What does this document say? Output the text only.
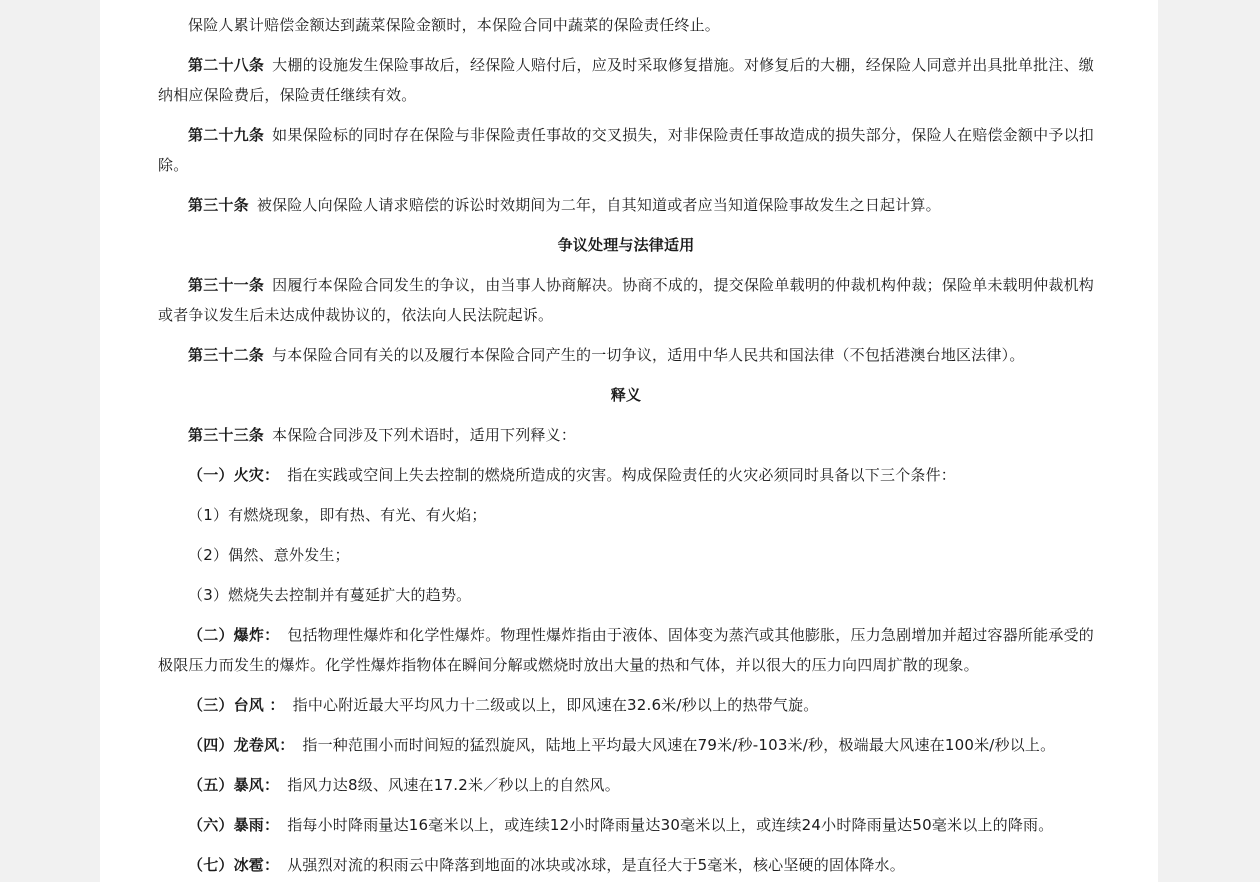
保险人累计赔偿金额达到蔬菜保险金额时，本保险合同中蔬菜的保险责任终止。
第二十八条 大棚的设施发生保险事故后，经保险人赔付后，应及时采取修复措施。对修复后的大棚，经保险人同意并出具批单批注、缴纳相应保险费后，保险责任继续有效。
第二十九条 如果保险标的同时存在保险与非保险责任事故的交叉损失，对非保险责任事故造成的损失部分，保险人在赔偿金额中予以扣除。
第三十条 被保险人向保险人请求赔偿的诉讼时效期间为二年，自其知道或者应当知道保险事故发生之日起计算。
争议处理与法律适用
第三十一条 因履行本保险合同发生的争议，由当事人协商解决。协商不成的，提交保险单载明的仲裁机构仲裁；保险单未载明仲裁机构或者争议发生后未达成仲裁协议的，依法向人民法院起诉。
第三十二条 与本保险合同有关的以及履行本保险合同产生的一切争议，适用中华人民共和国法律（不包括港澳台地区法律）。
释义
第三十三条 本保险合同涉及下列术语时，适用下列释义：
（一）火灾： 指在实践或空间上失去控制的燃烧所造成的灾害。构成保险责任的火灾必须同时具备以下三个条件：
（1）有燃烧现象，即有热、有光、有火焰；
（2）偶然、意外发生；
（3）燃烧失去控制并有蔓延扩大的趋势。
（二）爆炸： 包括物理性爆炸和化学性爆炸。物理性爆炸指由于液体、固体变为蒸汽或其他膨胀，压力急剧增加并超过容器所能承受的极限压力而发生的爆炸。化学性爆炸指物体在瞬间分解或燃烧时放出大量的热和气体，并以很大的压力向四周扩散的现象。
（三）台风 ： 指中心附近最大平均风力十二级或以上，即风速在32.6米/秒以上的热带气旋。
（四）龙卷风： 指一种范围小而时间短的猛烈旋风，陆地上平均最大风速在79米/秒-103米/秒，极端最大风速在100米/秒以上。
（五）暴风： 指风力达8级、风速在17.2米／秒以上的自然风。
（六）暴雨： 指每小时降雨量达16毫米以上，或连续12小时降雨量达30毫米以上，或连续24小时降雨量达50毫米以上的降雨。
（七）冰雹： 从强烈对流的积雨云中降落到地面的冰块或冰球，是直径大于5毫米，核心坚硬的固体降水。
